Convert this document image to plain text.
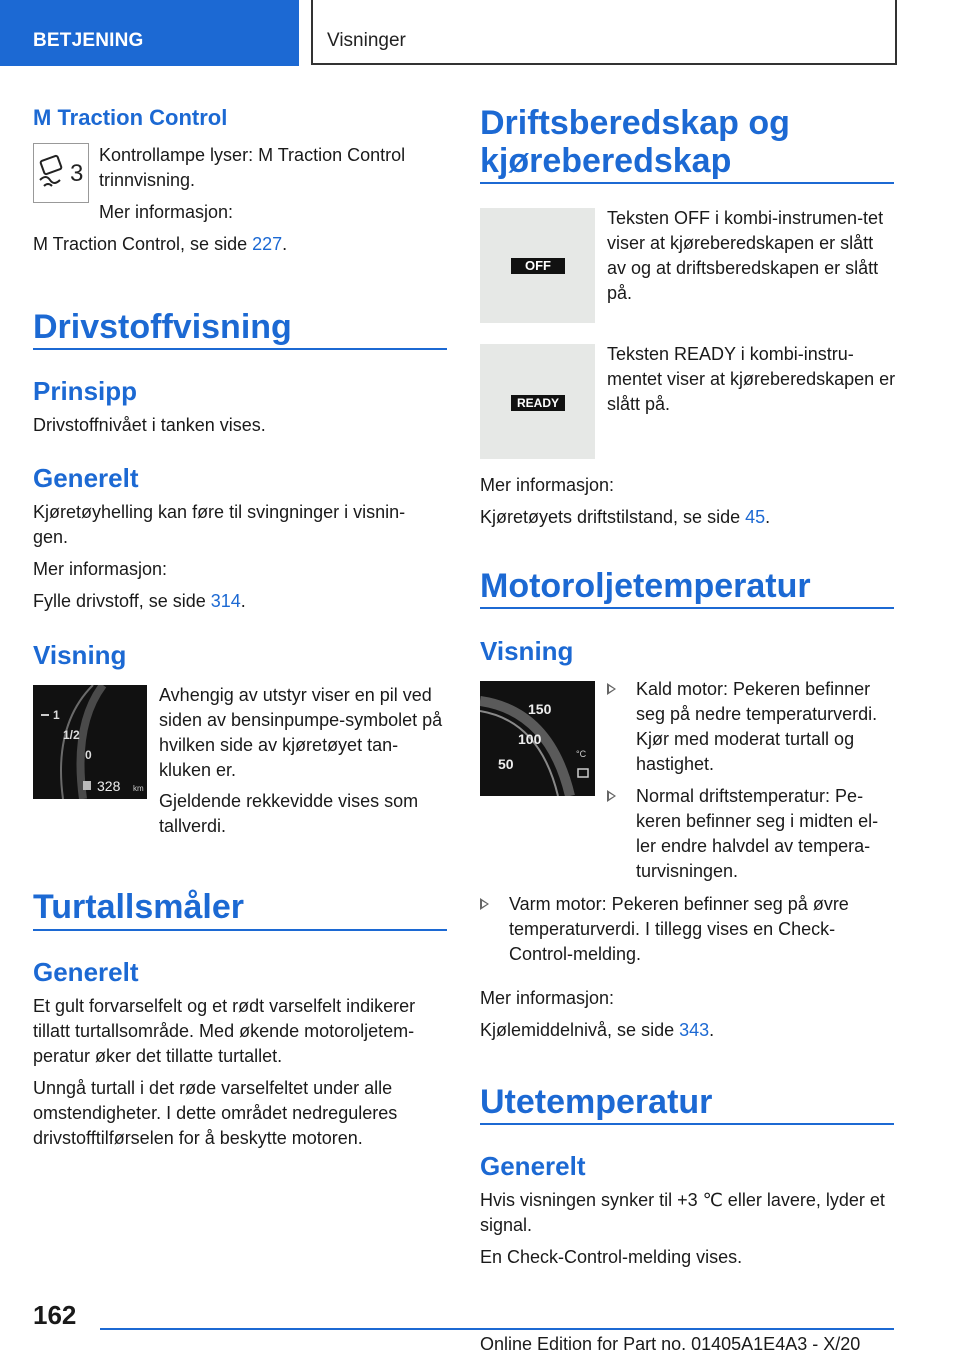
BETJENING	Visninger
M Traction Control
3
Kontrollampe lyser: M Traction Control trinnvisning.
Mer informasjon:
M Traction Control, se side 227.
Drivstoffvisning
Prinsipp
Drivstoffnivået i tanken vises.
Generelt
Kjøretøyhelling kan føre til svingninger i visnin-gen.
Mer informasjon:
Fylle drivstoff, se side 314.
Visning
1
1/2
0
328 km
Avhengig av utstyr viser en pil ved siden av bensinpumpe-symbolet på hvilken side av kjøretøyet tan-kluken er.
Gjeldende rekkevidde vises som tallverdi.
Turtallsmåler
Generelt
Et gult forvarselfelt og et rødt varselfelt indikerer tillatt turtallsområde. Med økende motoroljetem-peratur øker det tillatte turtallet.
Unngå turtall i det røde varselfeltet under alle omstendigheter. I dette området nedreguleres drivstofftilførselen for å beskytte motoren.
Driftsberedskap og
kjøreberedskap
OFF
Teksten OFF i kombi-instrumen-tet viser at kjøreberedskapen er slått av og at driftsberedskapen er slått på.
READY
Teksten READY i kombi-instru-mentet viser at kjøreberedskapen er slått på.
Mer informasjon:
Kjøretøyets driftstilstand, se side 45.
Motoroljetemperatur
Visning
150
100
50
°C
Kald motor: Pekeren befinner seg på nedre temperaturverdi. Kjør med moderat turtall og hastighet.
Normal driftstemperatur: Pe-keren befinner seg i midten el-ler endre halvdel av tempera-turvisningen.
Varm motor: Pekeren befinner seg på øvre temperaturverdi. I tillegg vises en Check-Control-melding.
Mer informasjon:
Kjølemiddelnivå, se side 343.
Utetemperatur
Generelt
Hvis visningen synker til +3 ℃ eller lavere, lyder et signal.
En Check-Control-melding vises.
162
Online Edition for Part no. 01405A1E4A3 - X/20
